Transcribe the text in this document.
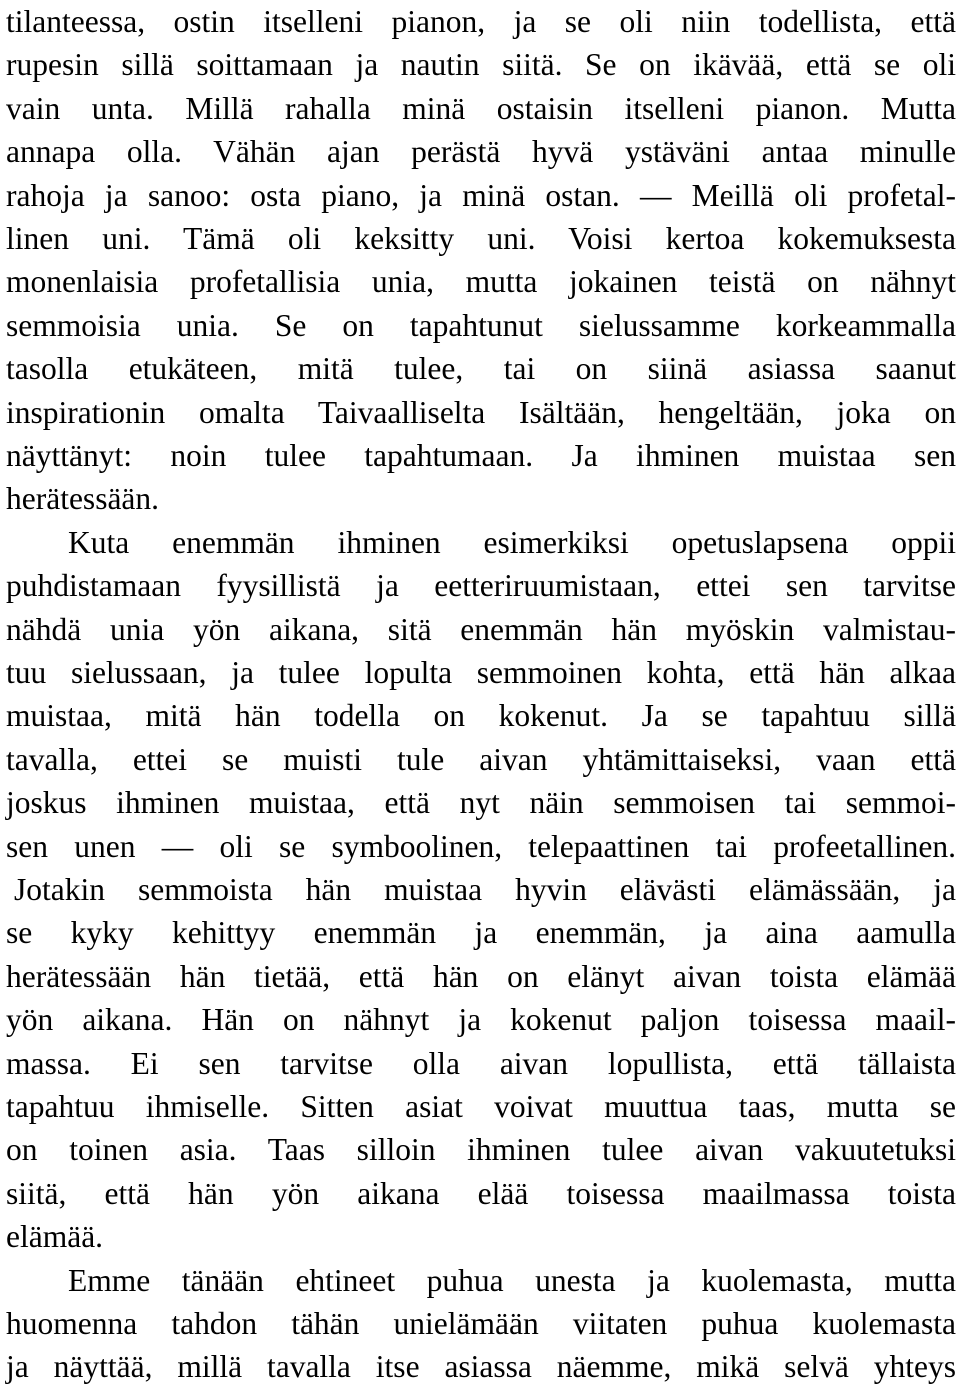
tilanteessa, ostin itselleni pianon, ja se oli niin todellista, että
rupesin sillä soittamaan ja nautin siitä. Se on ikävää, että se oli
vain unta. Millä rahalla minä ostaisin itselleni pianon. Mutta
annapa olla. Vähän ajan perästä hyvä ystäväni antaa minulle
rahoja ja sanoo: osta piano, ja minä ostan. — Meillä oli profetal-
linen uni. Tämä oli keksitty uni. Voisi kertoa kokemuksesta
monenlaisia profetallisia unia, mutta jokainen teistä on nähnyt
semmoisia unia. Se on tapahtunut sielussamme korkeammalla
tasolla etukäteen, mitä tulee, tai on siinä asiassa saanut
inspirationin omalta Taivaalliselta Isältään, hengeltään, joka on
näyttänyt: noin tulee tapahtumaan. Ja ihminen muistaa sen
herätessään.
Kuta enemmän ihminen esimerkiksi opetuslapsena oppii
puhdistamaan fyysillistä ja eetteriruumistaan, ettei sen tarvitse
nähdä unia yön aikana, sitä enemmän hän myöskin valmistau-
tuu sielussaan, ja tulee lopulta semmoinen kohta, että hän alkaa
muistaa, mitä hän todella on kokenut. Ja se tapahtuu sillä
tavalla, ettei se muisti tule aivan yhtämittaiseksi, vaan että
joskus ihminen muistaa, että nyt näin semmoisen tai semmoi-
sen unen — oli se symboolinen, telepaattinen tai profeetallinen.
Jotakin semmoista hän muistaa hyvin elävästi elämässään, ja
se kyky kehittyy enemmän ja enemmän, ja aina aamulla
herätessään hän tietää, että hän on elänyt aivan toista elämää
yön aikana. Hän on nähnyt ja kokenut paljon toisessa maail-
massa. Ei sen tarvitse olla aivan lopullista, että tällaista
tapahtuu ihmiselle. Sitten asiat voivat muuttua taas, mutta se
on toinen asia. Taas silloin ihminen tulee aivan vakuutetuksi
siitä, että hän yön aikana elää toisessa maailmassa toista
elämää.
Emme tänään ehtineet puhua unesta ja kuolemasta, mutta
huomenna tahdon tähän unielämään viitaten puhua kuolemasta
ja näyttää, millä tavalla itse asiassa näemme, mikä selvä yhteys
